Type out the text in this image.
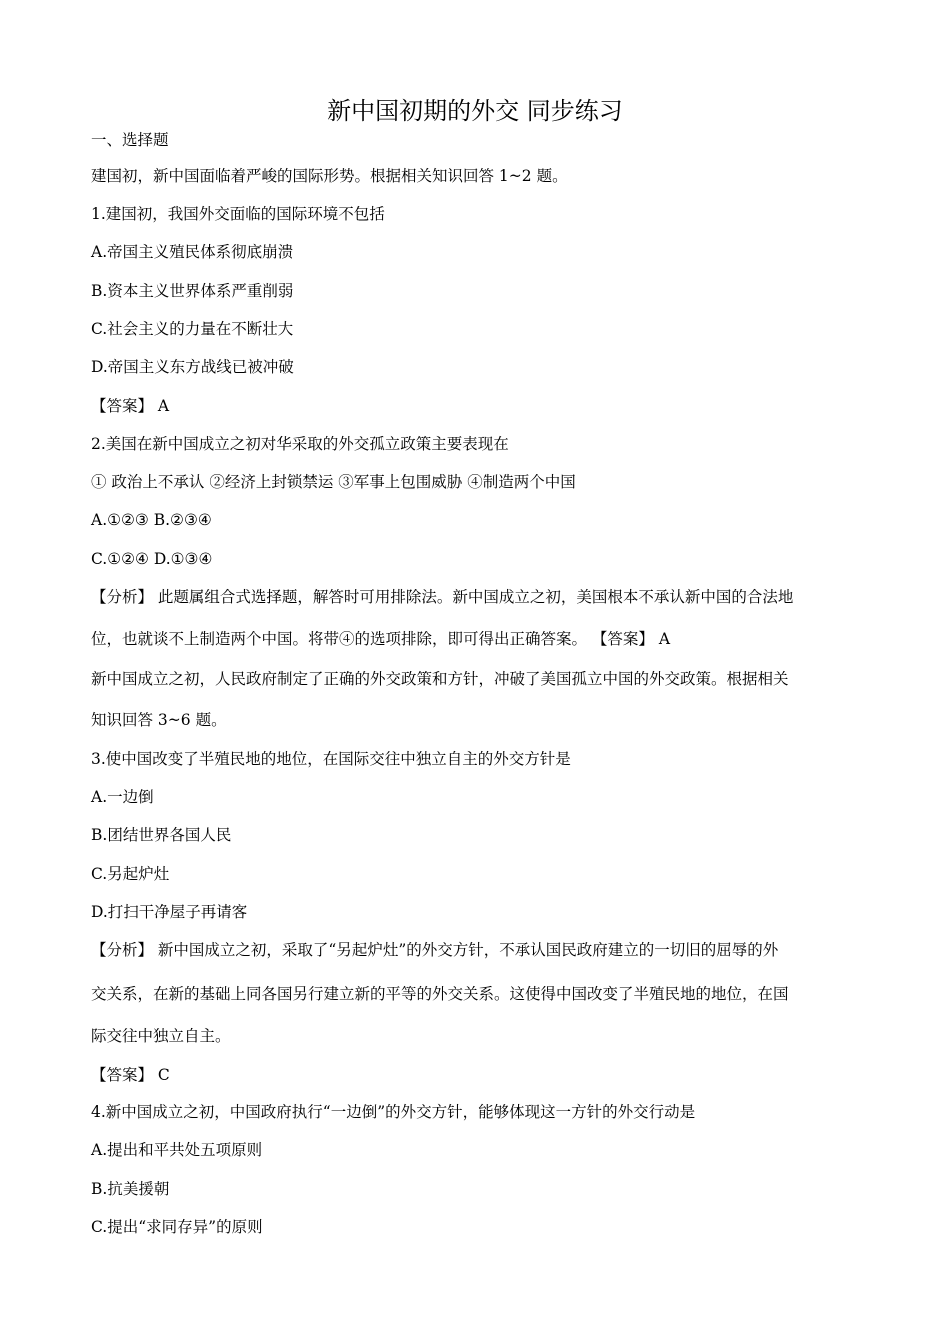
新中国初期的外交 同步练习
一、选择题
建国初，新中国面临着严峻的国际形势。根据相关知识回答 1~2 题。
1.建国初，我国外交面临的国际环境不包括
A.帝国主义殖民体系彻底崩溃
B.资本主义世界体系严重削弱
C.社会主义的力量在不断壮大
D.帝国主义东方战线已被冲破
【答案】 A
2.美国在新中国成立之初对华采取的外交孤立政策主要表现在
① 政治上不承认 ②经济上封锁禁运 ③军事上包围威胁 ④制造两个中国
A.①②③ B.②③④
C.①②④ D.①③④
【分析】 此题属组合式选择题，解答时可用排除法。新中国成立之初，美国根本不承认新中国的合法地
位，也就谈不上制造两个中国。将带④的选项排除，即可得出正确答案。 【答案】 A
新中国成立之初，人民政府制定了正确的外交政策和方针，冲破了美国孤立中国的外交政策。根据相关
知识回答 3~6 题。
3.使中国改变了半殖民地的地位，在国际交往中独立自主的外交方针是
A.一边倒
B.团结世界各国人民
C.另起炉灶
D.打扫干净屋子再请客
【分析】 新中国成立之初，采取了“另起炉灶”的外交方针，不承认国民政府建立的一切旧的屈辱的外
交关系，在新的基础上同各国另行建立新的平等的外交关系。这使得中国改变了半殖民地的地位，在国
际交往中独立自主。
【答案】 C
4.新中国成立之初，中国政府执行“一边倒”的外交方针，能够体现这一方针的外交行动是
A.提出和平共处五项原则
B.抗美援朝
C.提出“求同存异”的原则
